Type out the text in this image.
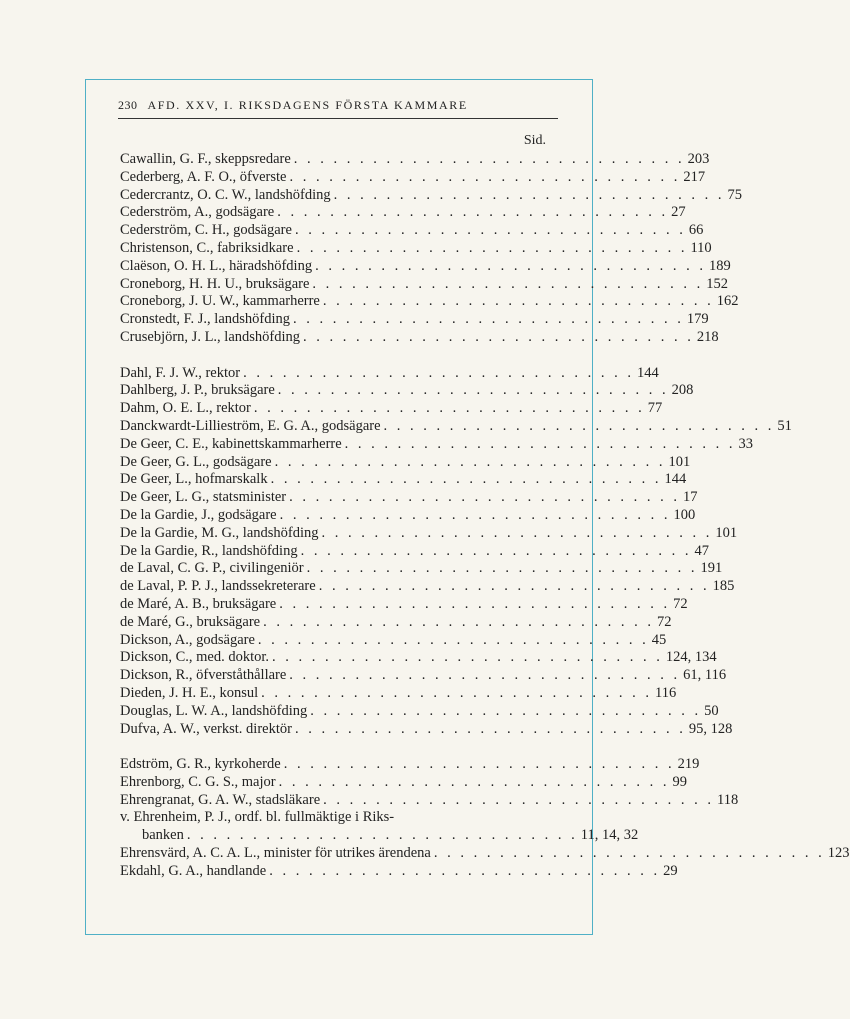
230 AFD. XXV, I. RIKSDAGENS FÖRSTA KAMMARE
Sid.
Cawallin, G. F., skeppsredare . . . . . . . . . . . . . . . . . . . . . . . . . . . . . . 203
Cederberg, A. F. O., öfverste . . . . . . . . . . . . . . . . . . . . . . . . . . . . . . 217
Cedercrantz, O. C. W., landshöfding . . . . . . . . . . . . . . . . . . . . . . . . . . . . . . 75
Cederström, A., godsägare . . . . . . . . . . . . . . . . . . . . . . . . . . . . . . 27
Cederström, C. H., godsägare . . . . . . . . . . . . . . . . . . . . . . . . . . . . . . 66
Christenson, C., fabriksidkare . . . . . . . . . . . . . . . . . . . . . . . . . . . . . . 110
Claëson, O. H. L., häradshöfding . . . . . . . . . . . . . . . . . . . . . . . . . . . . . . 189
Croneborg, H. H. U., bruksägare . . . . . . . . . . . . . . . . . . . . . . . . . . . . . . 152
Croneborg, J. U. W., kammarherre . . . . . . . . . . . . . . . . . . . . . . . . . . . . . . 162
Cronstedt, F. J., landshöfding . . . . . . . . . . . . . . . . . . . . . . . . . . . . . . 179
Crusebjörn, J. L., landshöfding . . . . . . . . . . . . . . . . . . . . . . . . . . . . . . 218
Dahl, F. J. W., rektor . . . . . . . . . . . . . . . . . . . . . . . . . . . . . . 144
Dahlberg, J. P., bruksägare . . . . . . . . . . . . . . . . . . . . . . . . . . . . . . 208
Dahm, O. E. L., rektor . . . . . . . . . . . . . . . . . . . . . . . . . . . . . . 77
Danckwardt-Lillieström, E. G. A., godsägare . . . . . . . . . . . . . . . . . . . . . . . . . . . . . . 51
De Geer, C. E., kabinettskammarherre . . . . . . . . . . . . . . . . . . . . . . . . . . . . . . 33
De Geer, G. L., godsägare . . . . . . . . . . . . . . . . . . . . . . . . . . . . . . 101
De Geer, L., hofmarskalk . . . . . . . . . . . . . . . . . . . . . . . . . . . . . . 144
De Geer, L. G., statsminister . . . . . . . . . . . . . . . . . . . . . . . . . . . . . . 17
De la Gardie, J., godsägare . . . . . . . . . . . . . . . . . . . . . . . . . . . . . . 100
De la Gardie, M. G., landshöfding . . . . . . . . . . . . . . . . . . . . . . . . . . . . . . 101
De la Gardie, R., landshöfding . . . . . . . . . . . . . . . . . . . . . . . . . . . . . . 47
de Laval, C. G. P., civilingeniör . . . . . . . . . . . . . . . . . . . . . . . . . . . . . . 191
de Laval, P. P. J., landssekreterare . . . . . . . . . . . . . . . . . . . . . . . . . . . . . . 185
de Maré, A. B., bruksägare . . . . . . . . . . . . . . . . . . . . . . . . . . . . . . 72
de Maré, G., bruksägare . . . . . . . . . . . . . . . . . . . . . . . . . . . . . . 72
Dickson, A., godsägare . . . . . . . . . . . . . . . . . . . . . . . . . . . . . . 45
Dickson, C., med. doktor. . . . . . . . . . . . . . . . . . . . . . . . . . . . . . . 124, 134
Dickson, R., öfverståthållare . . . . . . . . . . . . . . . . . . . . . . . . . . . . . . 61, 116
Dieden, J. H. E., konsul . . . . . . . . . . . . . . . . . . . . . . . . . . . . . . 116
Douglas, L. W. A., landshöfding . . . . . . . . . . . . . . . . . . . . . . . . . . . . . . 50
Dufva, A. W., verkst. direktör . . . . . . . . . . . . . . . . . . . . . . . . . . . . . . 95, 128
Edström, G. R., kyrkoherde . . . . . . . . . . . . . . . . . . . . . . . . . . . . . . 219
Ehrenborg, C. G. S., major . . . . . . . . . . . . . . . . . . . . . . . . . . . . . . 99
Ehrengranat, G. A. W., stadsläkare . . . . . . . . . . . . . . . . . . . . . . . . . . . . . . 118
v. Ehrenheim, P. J., ordf. bl. fullmäktige i Riks-
banken . . . . . . . . . . . . . . . . . . . . . . . . . . . . . . 11, 14, 32
Ehrensvärd, A. C. A. L., minister för utrikes ärendena . . . . . . . . . . . . . . . . . . . . . . . . . . . . . . 123
Ekdahl, G. A., handlande . . . . . . . . . . . . . . . . . . . . . . . . . . . . . . 29
